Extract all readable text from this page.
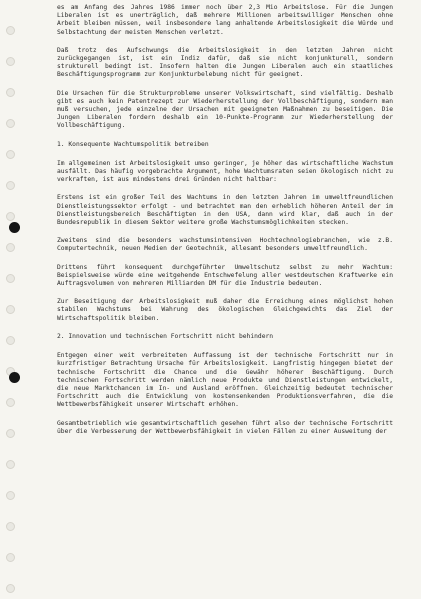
es am Anfang des Jahres 1986 immer noch über 2,3 Mio Arbeitslose. Für die Jungen Liberalen ist es unerträglich, daß mehrere Millionen arbeitswilliger Menschen ohne Arbeit bleiben müssen, weil insbesondere lang anhaltende Arbeitslosigkeit die Würde und Selbstachtung der meisten Menschen verletzt.

Daß trotz des Aufschwungs die Arbeitslosigkeit in den letzten Jahren nicht zurückgegangen ist, ist ein Indiz dafür, daß sie nicht konjunkturell, sondern strukturell bedingt ist. Insofern halten die Jungen Liberalen auch ein staatliches Beschäftigungsprogramm zur Konjunkturbelebung nicht für geeignet.

Die Ursachen für die Strukturprobleme unserer Volkswirtschaft, sind vielfältig. Deshalb gibt es auch kein Patentrezept zur Wiederherstellung der Vollbeschäftigung, sondern man muß versuchen, jede einzelne der Ursachen mit geeigneten Maßnahmen zu beseitigen. Die Jungen Liberalen fordern deshalb ein 10-Punkte-Programm zur Wiederherstellung der Vollbeschäftigung.

1. Konsequente Wachtumspolitik betreiben

Im allgemeinen ist Arbeitslosigkeit umso geringer, je höher das wirtschaftliche Wachstum ausfällt. Das häufig vorgebrachte Argument, hohe Wachtumsraten seien ökologisch nicht zu verkraften, ist aus mindestens drei Gründen nicht haltbar:

Erstens ist ein großer Teil des Wachtums in den letzten Jahren im umweltfreundlichen Dienstleistungssektor erfolgt - und betrachtet man den erheblich höheren Anteil der im Dienstleistungsbereich Beschäftigten in den USA, dann wird klar, daß auch in der Bundesrepublik in diesem Sektor weitere große Wachstumsmöglichkeiten stecken.

Zweitens sind die besonders wachstumsintensiven Hochtechnologiebranchen, wie z.B. Computertechnik, neuen Medien der Geotechnik, allesamt besonders umweltfreundlich.

Drittens führt konsequent durchgeführter Umweltschutz selbst zu mehr Wachtum: Beispielsweise würde eine weitgehende Entschwefelung aller westdeutschen Kraftwerke ein Auftragsvolumen von mehreren Milliarden DM für die Industrie bedeuten.

Zur Beseitigung der Arbeitslosigkeit muß daher die Erreichung eines möglichst hohen stabilen Wachstums bei Wahrung des ökologischen Gleichgewichts das Ziel der Wirtschaftspolitik bleiben.

2. Innovation und technischen Fortschritt nicht behindern

Entgegen einer weit verbreiteten Auffassung ist der technische Fortschritt nur in kurzfristiger Betrachtung Ursache für Arbeitslosigkeit. Langfristig hingegen bietet der technische Fortschritt die Chance und die Gewähr höherer Beschäftigung. Durch technischen Fortschritt werden nämlich neue Produkte und Dienstleistungen entwickelt, die neue Marktchancen im In- und Ausland eröffnen. Gleichzeitig bedeutet technischer Fortschritt auch die Entwicklung von kostensenkenden Produktionsverfahren, die die Wettbewerbsfähigkeit unserer Wirtschaft erhöhen.

Gesamtbetrieblich wie gesamtwirtschaftlich gesehen führt also der technische Fortschritt über die Verbesserung der Wettbewerbsfähigkeit in vielen Fällen zu einer Ausweitung der
